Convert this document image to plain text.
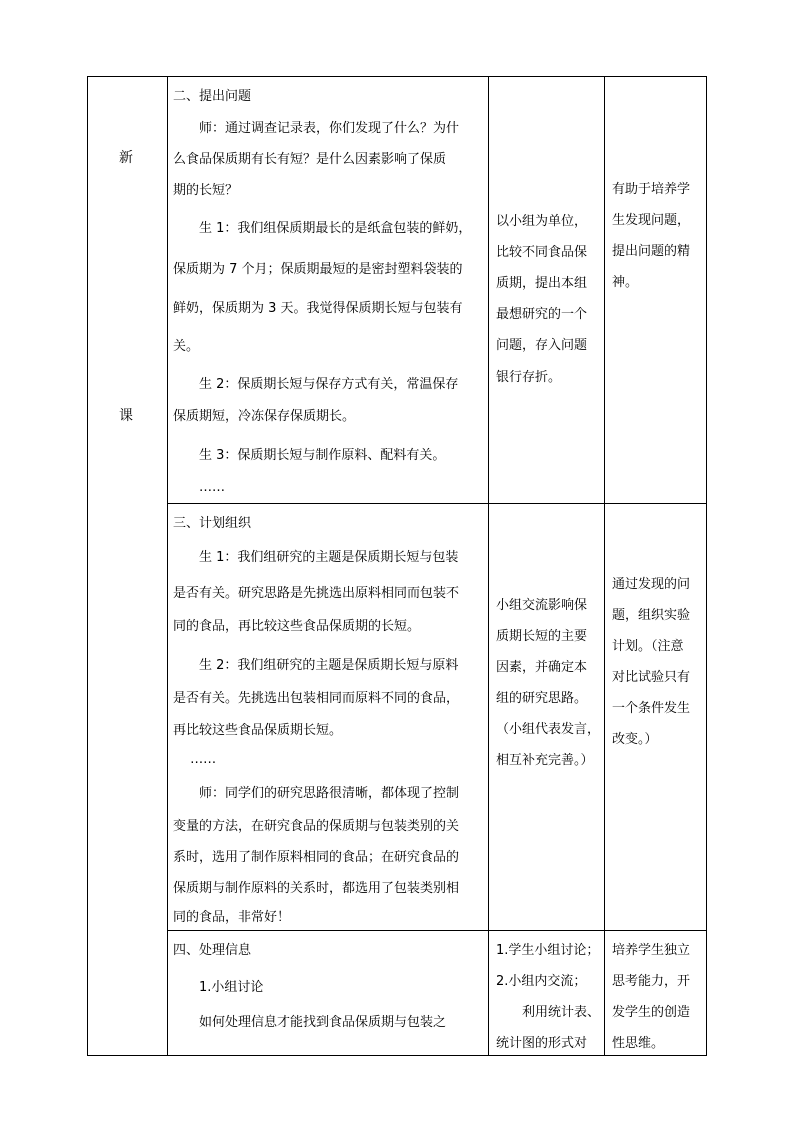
新
课
二、提出问题
　　师：通过调查记录表，你们发现了什么？为什
么食品保质期有长有短？是什么因素影响了保质
期的长短？
　　生 1：我们组保质期最长的是纸盒包装的鲜奶，
保质期为 7 个月；保质期最短的是密封塑料袋装的
鲜奶，保质期为 3 天。我觉得保质期长短与包装有
关。
　　生 2：保质期长短与保存方式有关，常温保存
保质期短，冷冻保存保质期长。
　　生 3：保质期长短与制作原料、配料有关。
　　……
以小组为单位，
比较不同食品保
质期，提出本组
最想研究的一个
问题，存入问题
银行存折。
有助于培养学
生发现问题，
提出问题的精
神。
三、计划组织
　　生 1：我们组研究的主题是保质期长短与包装
是否有关。研究思路是先挑选出原料相同而包装不
同的食品，再比较这些食品保质期的长短。
　　生 2：我们组研究的主题是保质期长短与原料
是否有关。先挑选出包装相同而原料不同的食品，
再比较这些食品保质期长短。
　 ……
　　师：同学们的研究思路很清晰，都体现了控制
变量的方法，在研究食品的保质期与包装类别的关
系时，选用了制作原料相同的食品；在研究食品的
保质期与制作原料的关系时，都选用了包装类别相
同的食品，非常好！
小组交流影响保
质期长短的主要
因素，并确定本
组的研究思路。
（小组代表发言，
相互补充完善。）
通过发现的问
题，组织实验
计划。（注意
对比试验只有
一个条件发生
改变。）
四、处理信息
　　1.小组讨论
　　如何处理信息才能找到食品保质期与包装之
1.学生小组讨论；
2.小组内交流；
　　利用统计表、
统计图的形式对
培养学生独立
思考能力，开
发学生的创造
性思维。
